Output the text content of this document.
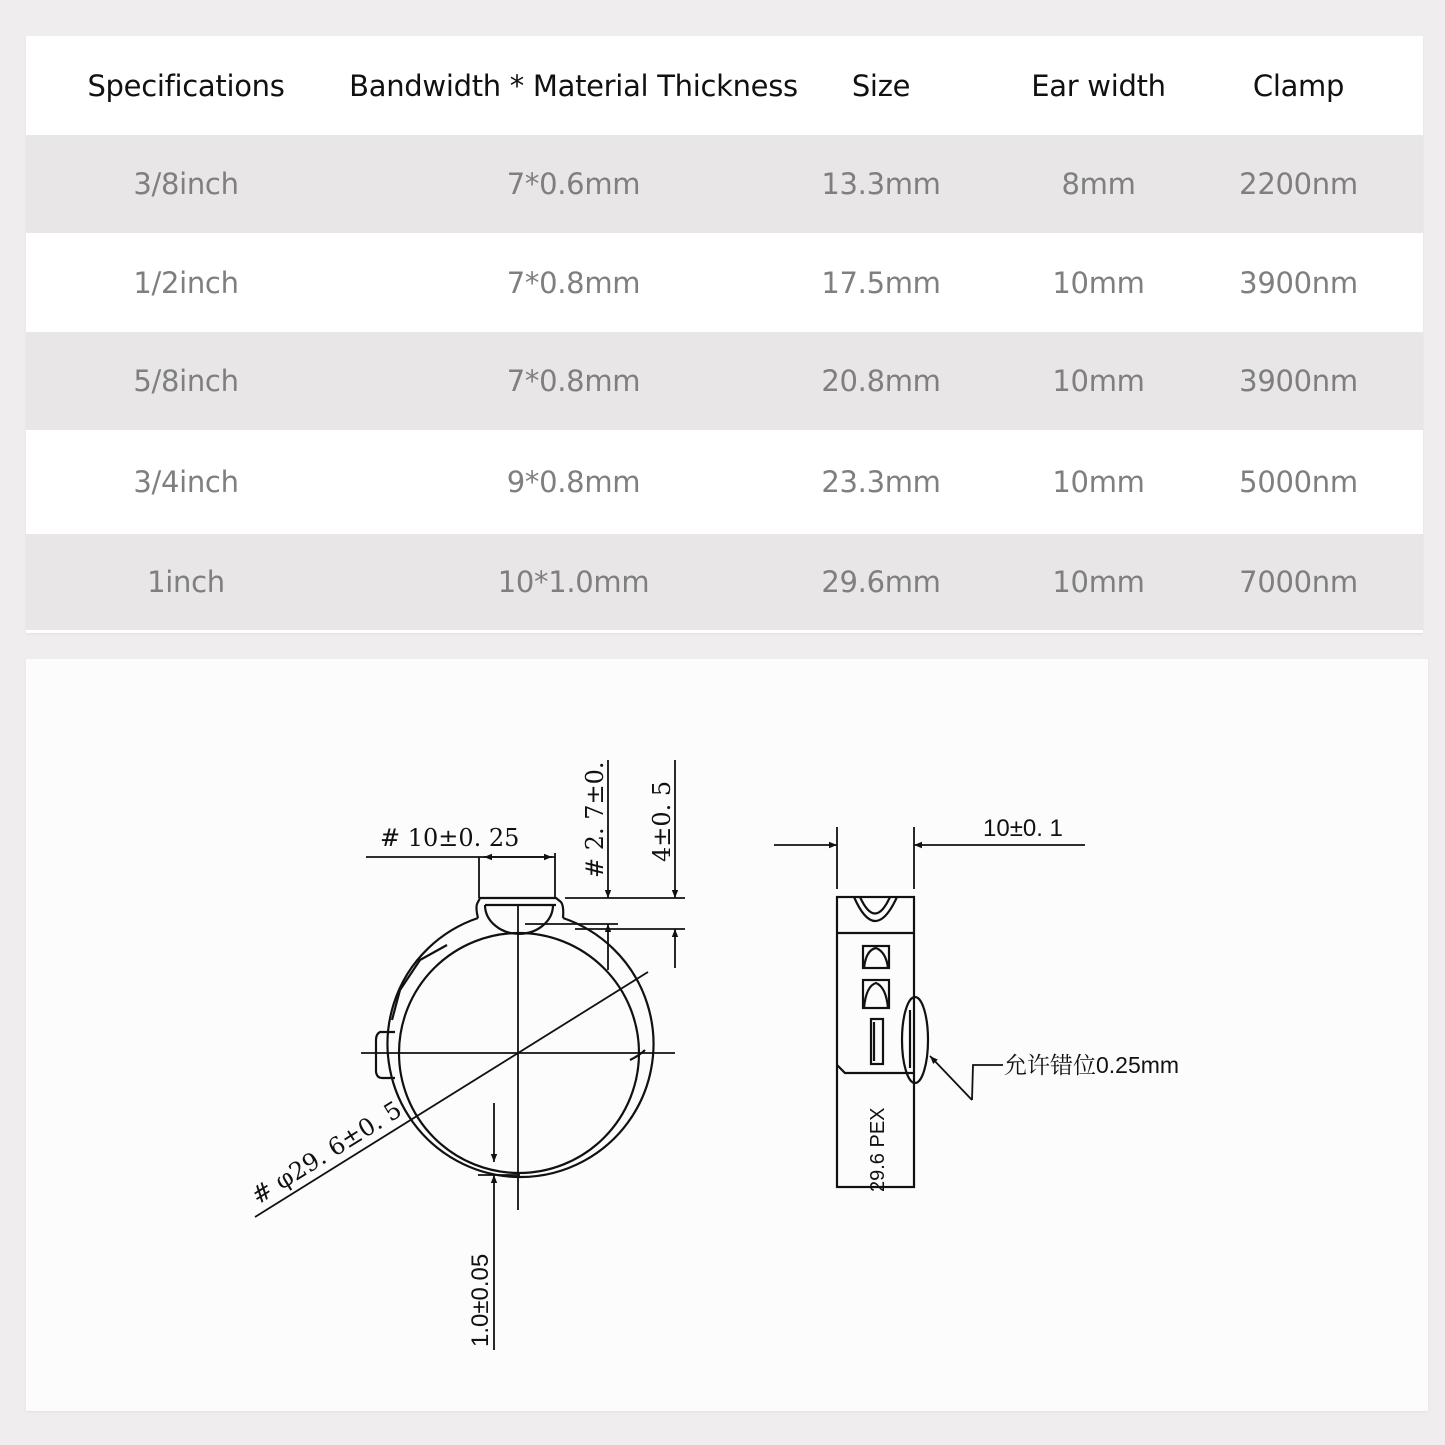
Specifications	Bandwidth * Material Thickness	Size	Ear width	Clamp
3/8inch	7*0.6mm	13.3mm	8mm	2200nm
1/2inch	7*0.8mm	17.5mm	10mm	3900nm
5/8inch	7*0.8mm	20.8mm	10mm	3900nm
3/4inch	9*0.8mm	23.3mm	10mm	5000nm
1inch	10*1.0mm	29.6mm	10mm	7000nm
# 10±0. 25	# 2. 7±0. 4±0. 5
# φ29. 6±0. 5
1.0±0.05
10±0. 1
29.6 PEX
允许错位0.25mm
